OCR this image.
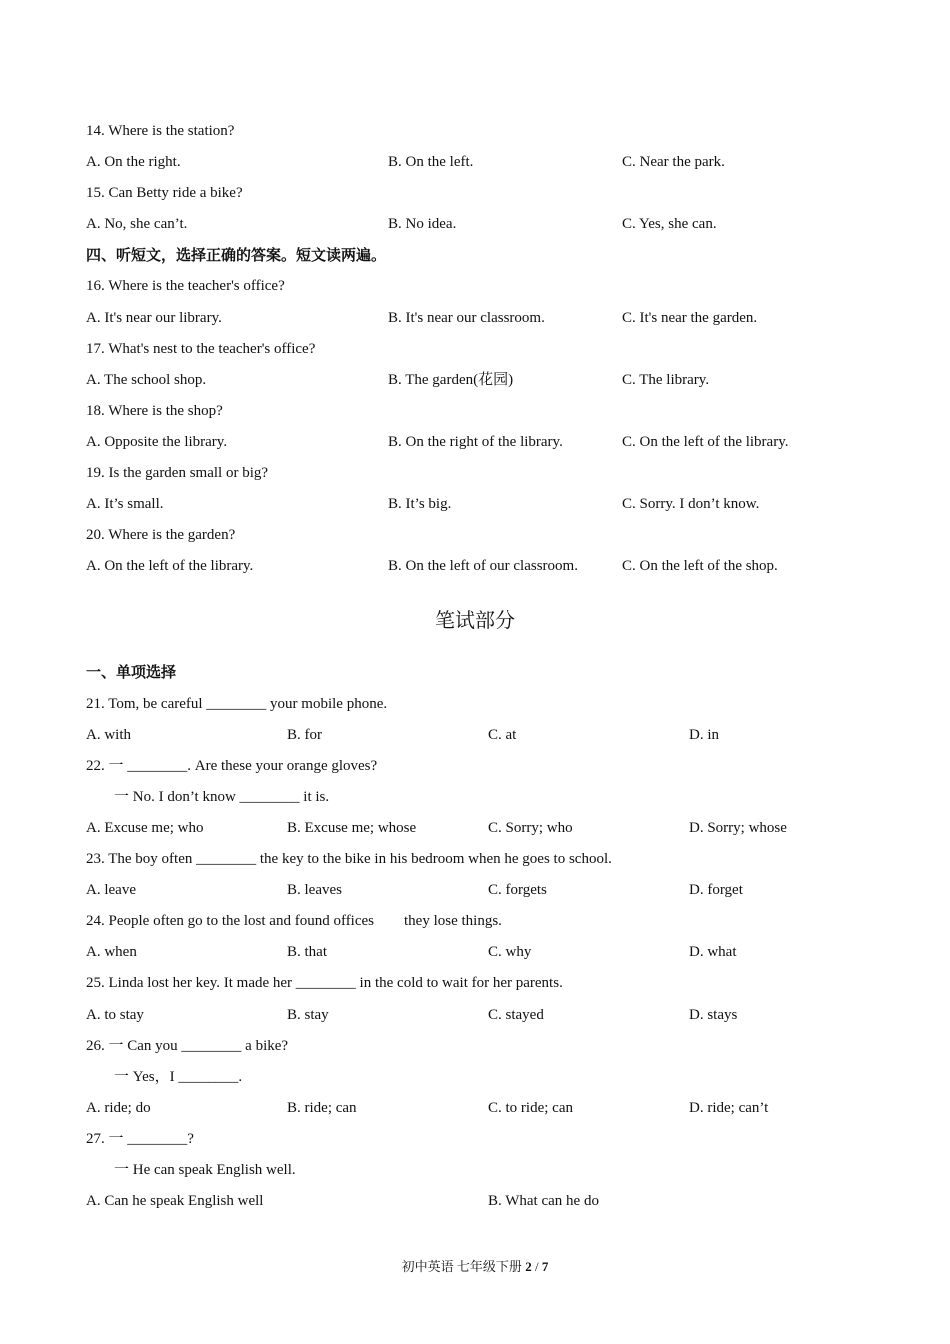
14. Where is the station?
A. On the right.	B. On the left.	C. Near the park.
15. Can Betty ride a bike?
A. No, she can’t.	B. No idea.	C. Yes, she can.
四、听短文，选择正确的答案。短文读两遍。
16. Where is the teacher's office?
A. It's near our library.	B. It's near our classroom.	C. It's near the garden.
17. What's nest to the teacher's office?
A. The school shop.	B. The garden(花园)	C. The library.
18. Where is the shop?
A. Opposite the library.	B. On the right of the library.	C. On the left of the library.
19. Is the garden small or big?
A. It’s small.	B. It’s big.	C. Sorry. I don’t know.
20. Where is the garden?
A. On the left of the library.	B. On the left of our classroom.	C. On the left of the shop.
笔试部分
一、单项选择
21. Tom, be careful ________ your mobile phone.
A. with	B. for	C. at	D. in
22. 一 ________. Are these your orange gloves?
一 No. I don’t know ________ it is.
A. Excuse me; who	B. Excuse me; whose	C. Sorry; who	D. Sorry; whose
23. The boy often ________ the key to the bike in his bedroom when he goes to school.
A. leave	B. leaves	C. forgets	D. forget
24. People often go to the lost and found offices        they lose things.
A. when	B. that	C. why	D. what
25. Linda lost her key. It made her ________ in the cold to wait for her parents.
A. to stay	B. stay	C. stayed	D. stays
26. 一 Can you ________ a bike?
一 Yes，I ________.
A. ride; do	B. ride; can	C. to ride; can	D. ride; can’t
27. 一 ________?
一 He can speak English well.
A. Can he speak English well	B. What can he do
初中英语 七年级下册 2 / 7
